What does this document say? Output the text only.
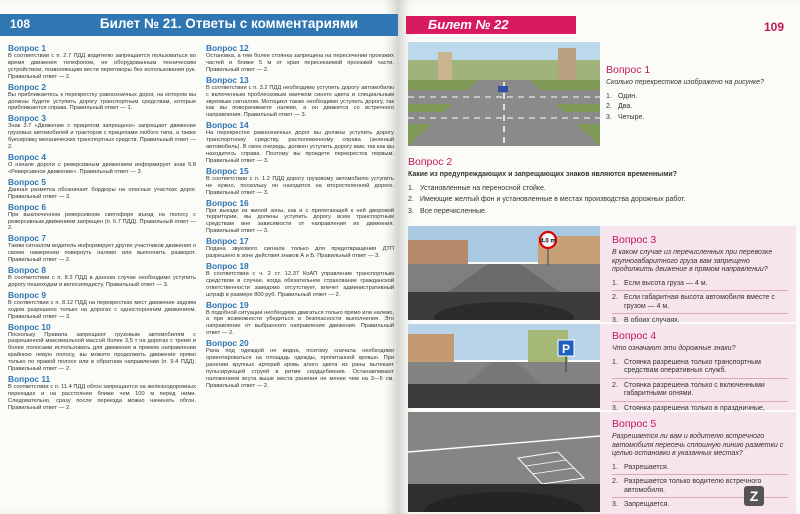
108	Билет № 21. Ответы с комментариями
Вопрос 1
В соответствии с п. 2.7 ПДД водителю запрещается пользоваться во время движения телефоном, не оборудованным техническим устройством, позволяющим вести переговоры без использования рук. Правильный ответ — 2.
Вопрос 2
Вы приближаетесь к перекрестку равнозначных дорог, на котором вы должны будете уступить дорогу транспортным средствам, которые приближаются справа. Правильный ответ — 1.
Вопрос 3
Знак 3.7 «Движение с прицепом запрещено» запрещает движение грузовых автомобилей и тракторов с прицепами любого типа, а также буксировку механических транспортных средств. Правильный ответ — 2.
Вопрос 4
О начале дороги с реверсивным движением информирует знак 5.8 «Реверсивное движение». Правильный ответ — 3.
Вопрос 5
Данная разметка обозначает бордюры на опасных участках дорог. Правильный ответ — 3.
Вопрос 6
При выключенном реверсивном светофоре въезд на полосу с реверсивным движением запрещен (п. 6.7 ПДД). Правильный ответ — 2.
Вопрос 7
Таким сигналом водитель информирует других участников движения о своем намерении повернуть налево или выполнить разворот. Правильный ответ — 2.
Вопрос 8
В соответствии с п. 8.3 ПДД в данном случае необходимо уступить дорогу пешеходам и велосипедисту. Правильный ответ — 3.
Вопрос 9
В соответствии с п. 8.12 ПДД на перекрестках мест движение задним ходом разрешено только на дорогах с односторонним движением. Правильный ответ — 3.
Вопрос 10
Поскольку Правила запрещают грузовым автомобилям с разрешенной максимальной массой более 3,5 т на дорогах с тремя и более полосами использовать для движения в прямом направлении крайнюю левую полосу, вы можете продолжить движение прямо только по правой полосе или в обратном направлении (п. 9.4 ПДД). Правильный ответ — 2.
Вопрос 11
В соответствии с п. 11.4 ПДД обгон запрещается на железнодорожных переездах и на расстоянии ближе чем 100 м перед ними. Следовательно, сразу после переезда можно начинать обгон. Правильный ответ — 2.
Вопрос 12
Остановка, а тем более стоянка запрещена на пересечении проезжих частей и ближе 5 м от края пересекаемой проезжей части. Правильный ответ — 2.
Вопрос 13
В соответствии с п. 3.2 ПДД необходимо уступить дорогу автомобилю с включенным проблесковым маячком синего цвета и специальным звуковым сигналом. Мотоцикл также необходимо уступить дорогу, так как вы поворачиваете налево, а он движется со встречного направления. Правильный ответ — 3.
Вопрос 14
На перекрестке равнозначных дорог вы должны уступить дорогу транспортному средству, расположенному справа (зеленый автомобиль). В свою очередь, должен уступить дорогу вам, так как вы находитесь справа. Поэтому вы проедете перекресток первым. Правильный ответ — 3.
Вопрос 15
В соответствии с п. 1.2 ПДД дорогу грузовому автомобилю уступить не нужно, поскольку он находится на второстепенной дороге. Правильный ответ — 3.
Вопрос 16
При выезде из жилой зоны, как и с прилегающей к ней дворовой территории, вы должны уступить дорогу всем транспортным средствам вне зависимости от направления их движения. Правильный ответ — 3.
Вопрос 17
Подача звукового сигнала только для предотвращения ДТП разрешено в зоне действия знаков А и Б. Правильный ответ — 3.
Вопрос 18
В соответствии с ч. 2 ст. 12.37 КоАП управление транспортным средством в случае, когда обязательное страхование гражданской ответственности заведомо отсутствует, влечет административный штраф в размере 800 руб. Правильный ответ — 2.
Вопрос 19
В подобной ситуации необходимо двигаться только прямо или налево, а при возможности убедиться в безопасности выполнения. Это направление от выбранного направления движения. Правильный ответ — 2.
Вопрос 20
Рана под одеждой не видна, поэтому сначала необходимо ориентироваться на площадь одежды, пропитанной кровью. При ранении крупных артерий кровь алого цвета из раны вытекает пульсирующей струей в ритме сердцебиения. Останавливают наложением жгута выше места ранения не менее чем на 3—5 см. Правильный ответ — 2.
Билет № 22	109
Вопрос 1
Сколько перекрестков изображено на рисунке?
1. Один.
2. Два.
3. Четыре.
Вопрос 2
Какие из предупреждающих и запрещающих знаков являются временными?
1. Установленные на переносной стойке.
2. Имеющие желтый фон и установленные в местах производства дорожных работ.
3. Все перечисленные.
4.0 m	Вопрос 3
В каком случае из перечисленных при перевозке крупногабаритного груза вам запрещено продолжить движение в прямом направлении?
1. Если высота груза — 4 м.
2. Если габаритная высота автомобиля вместе с грузом — 4 м.
3. В обоих случаях.
P
Вопрос 4
Что означают эти дорожные знаки?
1. Стоянка разрешена только транспортным средствам оперативных служб.
2. Стоянка разрешена только с включенными габаритными огнями.
3. Стоянка разрешена только в праздничные,
Вопрос 5
Разрешается ли вам и водителю встречного автомобиля пересечь сплошную линию разметки с целью остановки в указанных местах?
1. Разрешается.
2. Разрешается только водителю встречного автомобиля.
3. Запрещается.
Z
